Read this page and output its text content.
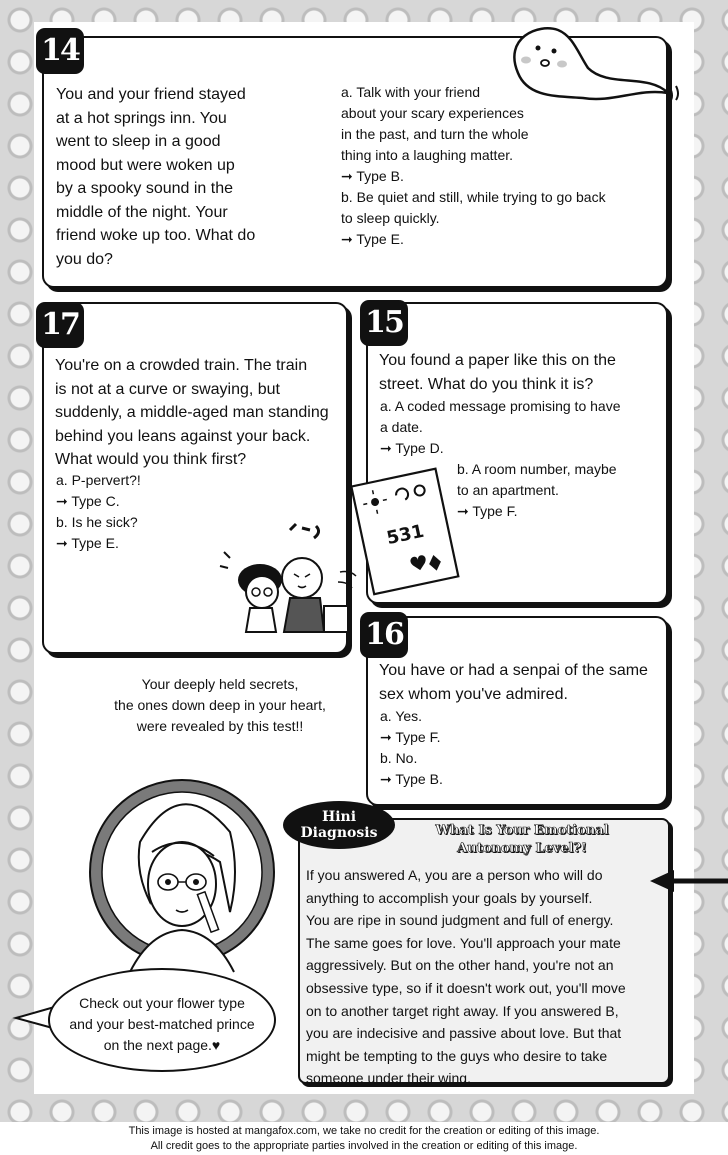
14
You and your friend stayed
at a hot springs inn. You
went to sleep in a good
mood but were woken up
by a spooky sound in the
middle of the night. Your
friend woke up too. What do
you do?
a. Talk with your friend
about your scary experiences
in the past, and turn the whole
thing into a laughing matter.
➞ Type B.
b. Be quiet and still, while trying to go back
to sleep quickly.
➞ Type E.
17
You're on a crowded train. The train
is not at a curve or swaying, but
suddenly, a middle-aged man standing
behind you leans against your back.
What would you think first?
a. P-pervert?!
➞ Type C.
b. Is he sick?
➞ Type E.
15
You found a paper like this on the
street. What do you think it is?
a. A coded message promising to have
a date.
➞ Type D.
b. A room number, maybe
to an apartment.
➞ Type F.
531
16
You have or had a senpai of the same
sex whom you've admired.
a. Yes.
➞ Type F.
b. No.
➞ Type B.
Your deeply held secrets,
the ones down deep in your heart,
were revealed by this test!!
Hini
Diagnosis	What Is Your Emotional
Autonomy Level?!
If you answered A, you are a person who will do
anything to accomplish your goals by yourself.
You are ripe in sound judgment and full of energy.
The same goes for love. You'll approach your mate
aggressively. But on the other hand, you're not an
obsessive type, so if it doesn't work out, you'll move
on to another target right away. If you answered B,
you are indecisive and passive about love. But that
might be tempting to the guys who desire to take
someone under their wing.
Check out your flower type
and your best-matched prince
on the next page.♥
This image is hosted at mangafox.com, we take no credit for the creation or editing of this image.
All credit goes to the appropriate parties involved in the creation or editing of this image.
